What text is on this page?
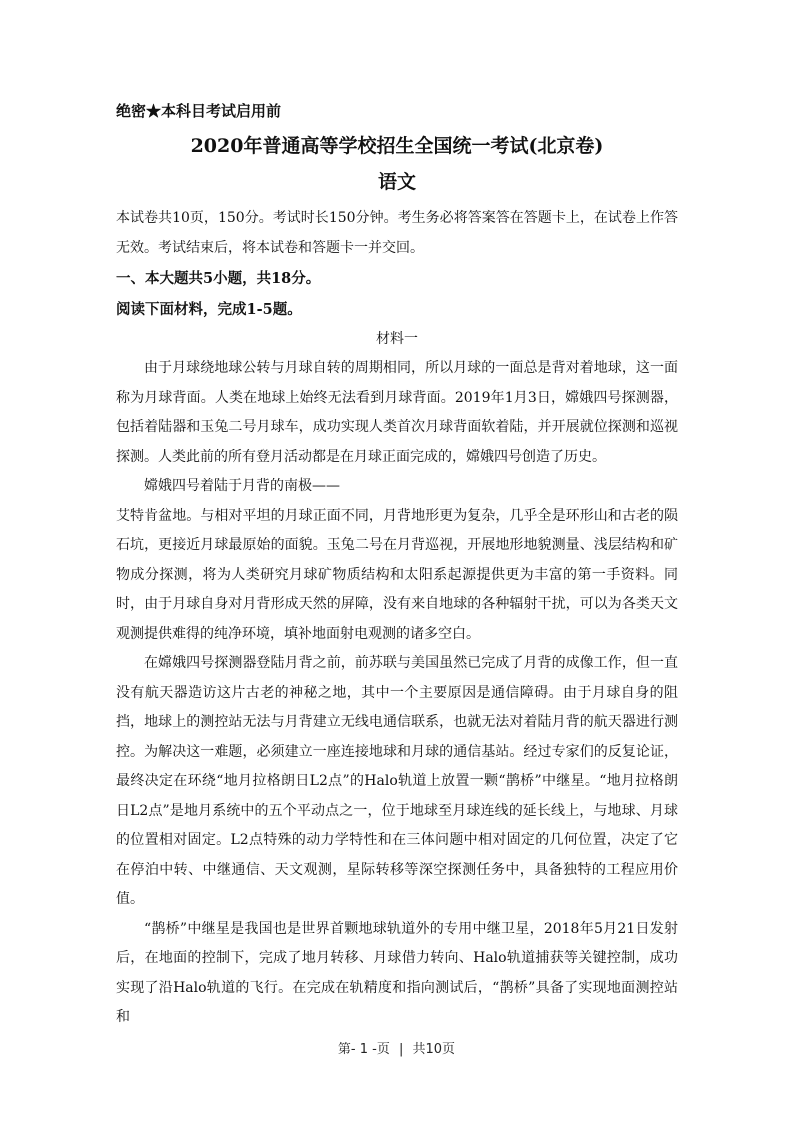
绝密★本科目考试启用前

2020年普通高等学校招生全国统一考试(北京卷)

语文

本试卷共10页，150分。考试时长150分钟。考生务必将答案答在答题卡上，在试卷上作答无效。考试结束后，将本试卷和答题卡一并交回。

一、本大题共5小题，共18分。

阅读下面材料，完成1-5题。

材料一

由于月球绕地球公转与月球自转的周期相同，所以月球的一面总是背对着地球，这一面称为月球背面。人类在地球上始终无法看到月球背面。2019年1月3日，嫦娥四号探测器，包括着陆器和玉兔二号月球车，成功实现人类首次月球背面软着陆，并开展就位探测和巡视探测。人类此前的所有登月活动都是在月球正面完成的，嫦娥四号创造了历史。

嫦娥四号着陆于月背的南极——

艾特肯盆地。与相对平坦的月球正面不同，月背地形更为复杂，几乎全是环形山和古老的陨石坑，更接近月球最原始的面貌。玉兔二号在月背巡视，开展地形地貌测量、浅层结构和矿物成分探测，将为人类研究月球矿物质结构和太阳系起源提供更为丰富的第一手资料。同时，由于月球自身对月背形成天然的屏障，没有来自地球的各种辐射干扰，可以为各类天文观测提供难得的纯净环境，填补地面射电观测的诸多空白。

在嫦娥四号探测器登陆月背之前，前苏联与美国虽然已完成了月背的成像工作，但一直没有航天器造访这片古老的神秘之地，其中一个主要原因是通信障碍。由于月球自身的阻挡，地球上的测控站无法与月背建立无线电通信联系，也就无法对着陆月背的航天器进行测控。为解决这一难题，必须建立一座连接地球和月球的通信基站。经过专家们的反复论证，最终决定在环绕“地月拉格朗日L2点”的Halo轨道上放置一颗“鹊桥”中继星。“地月拉格朗日L2点”是地月系统中的五个平动点之一，位于地球至月球连线的延长线上，与地球、月球的位置相对固定。L2点特殊的动力学特性和在三体问题中相对固定的几何位置，决定了它在停泊中转、中继通信、天文观测，星际转移等深空探测任务中，具备独特的工程应用价值。

“鹊桥”中继星是我国也是世界首颗地球轨道外的专用中继卫星，2018年5月21日发射后，在地面的控制下，完成了地月转移、月球借力转向、Halo轨道捕获等关键控制，成功实现了沿Halo轨道的飞行。在完成在轨精度和指向测试后，“鹊桥”具备了实现地面测控站和

第- 1 -页 | 共10页
